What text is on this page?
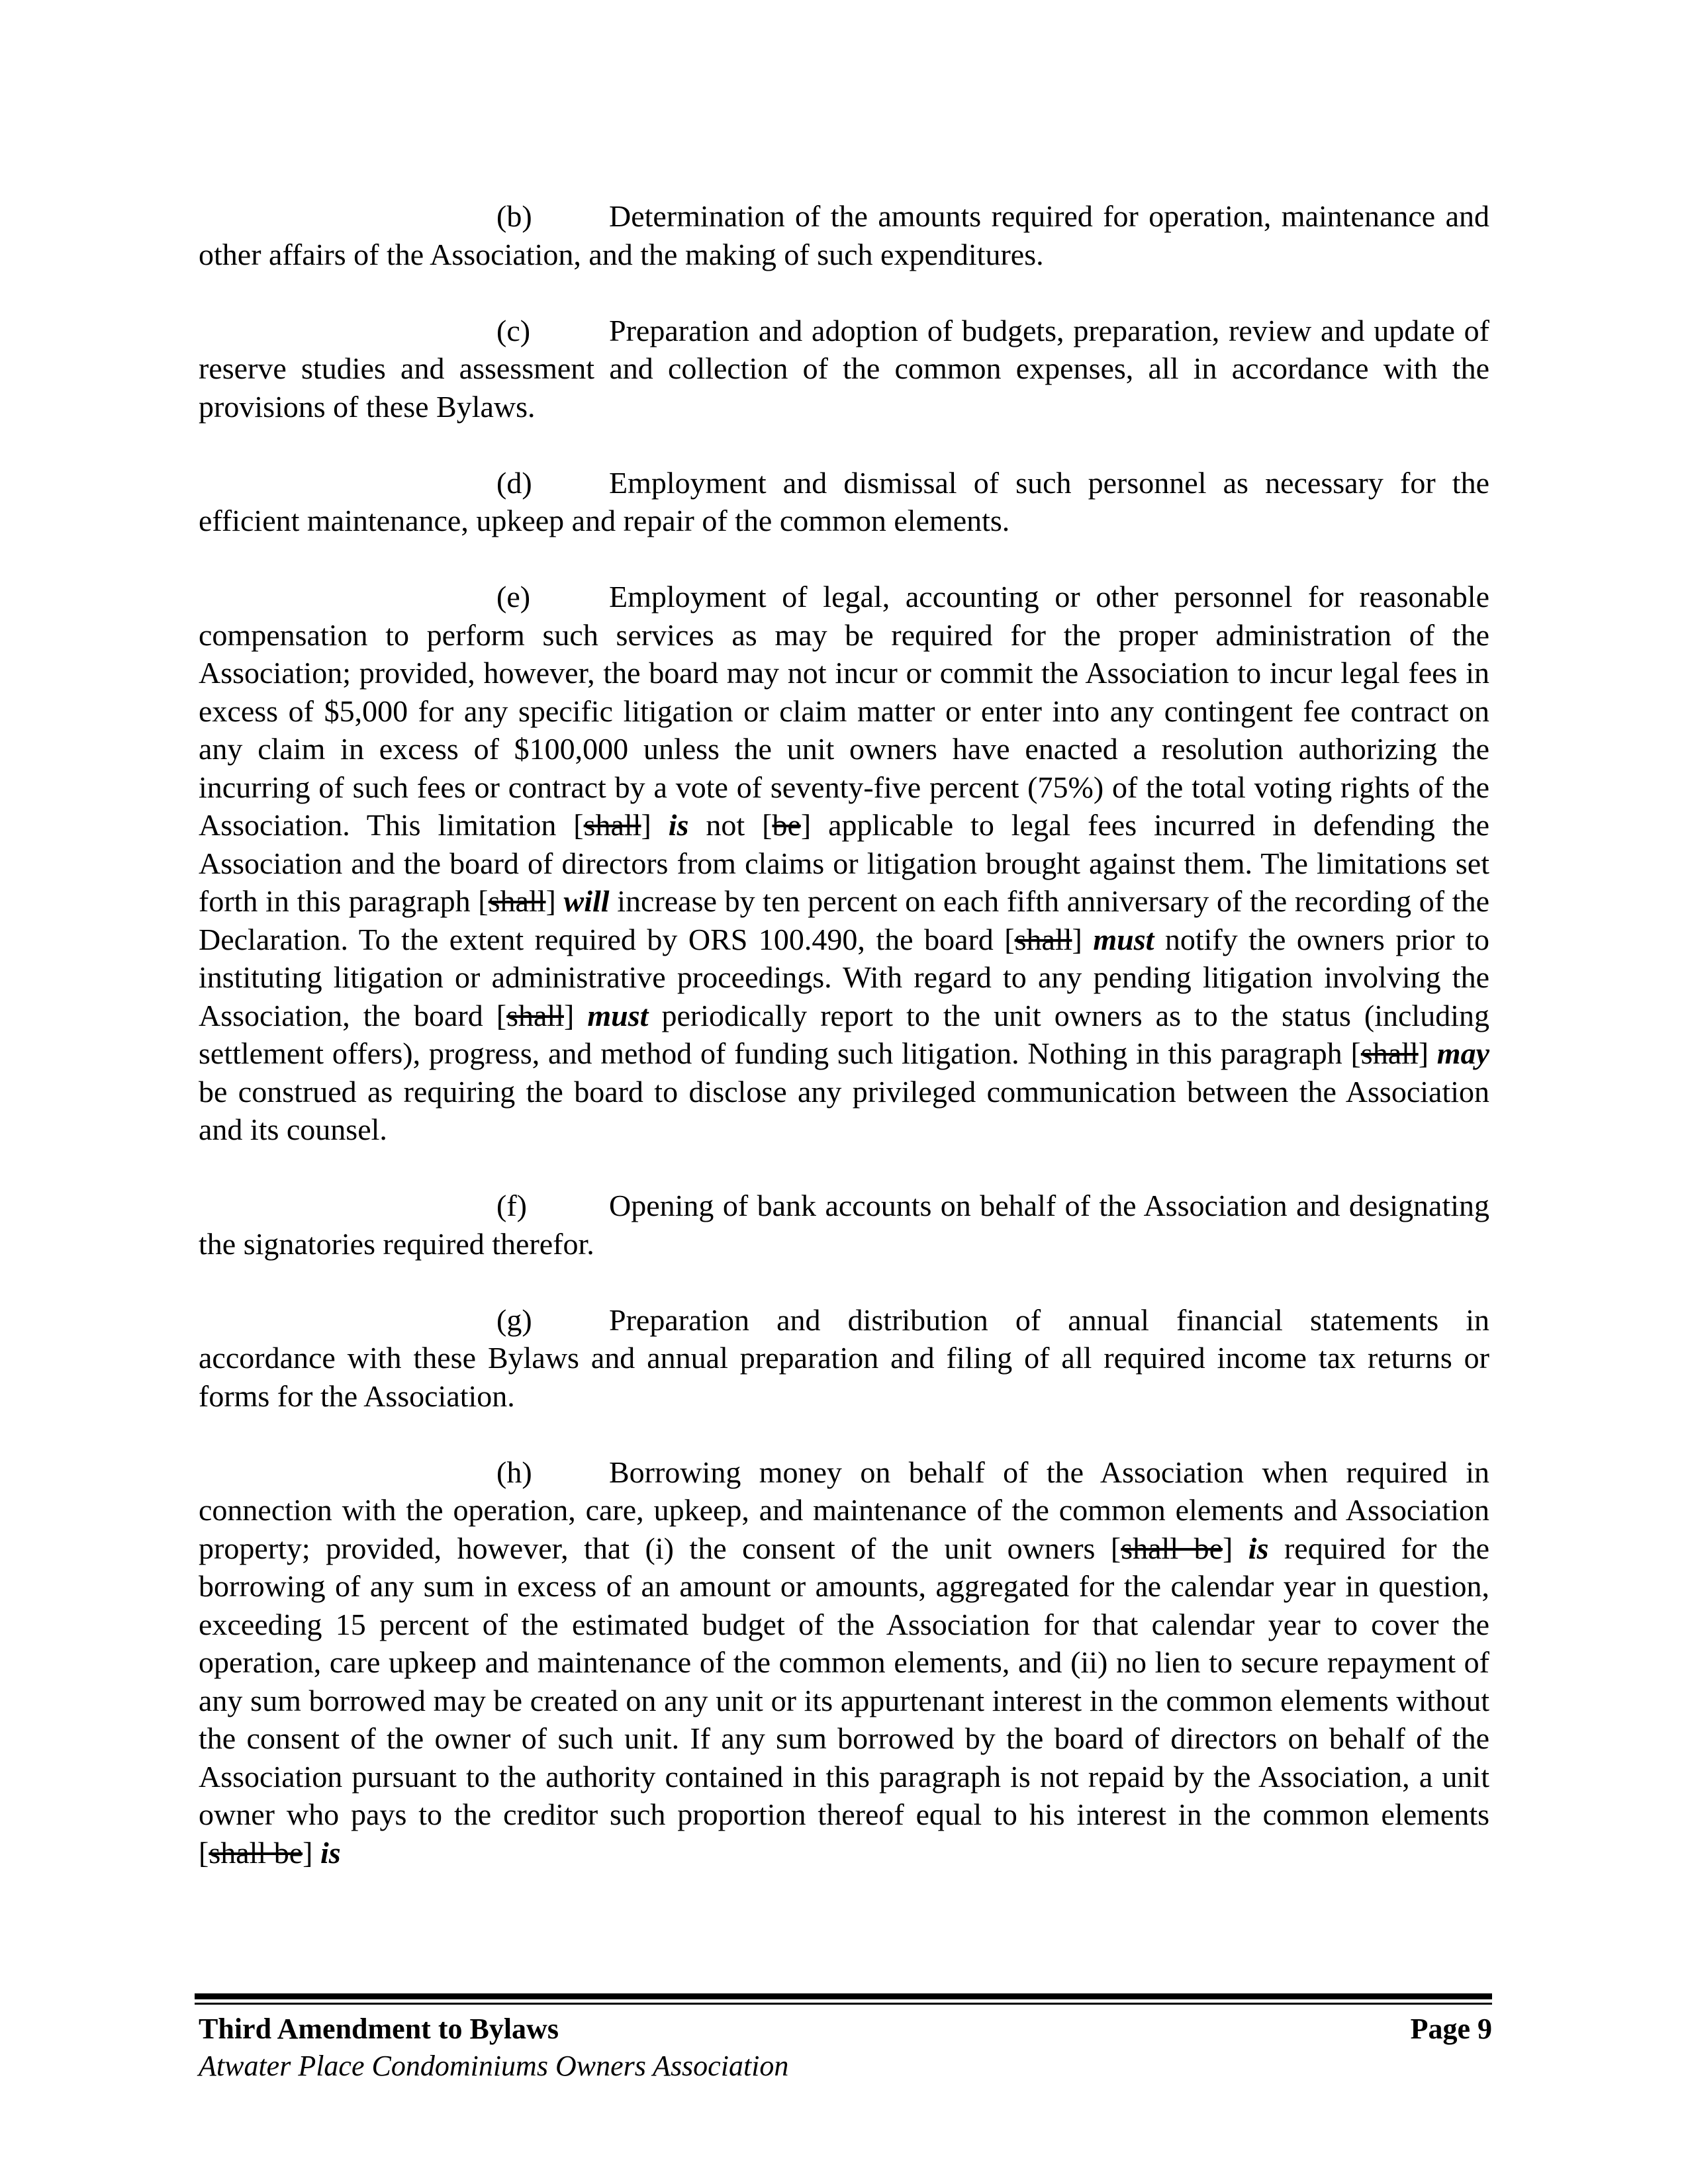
(b)	Determination of the amounts required for operation, maintenance and other affairs of the Association, and the making of such expenditures.

(c)	Preparation and adoption of budgets, preparation, review and update of reserve studies and assessment and collection of the common expenses, all in accordance with the provisions of these Bylaws.

(d)	Employment and dismissal of such personnel as necessary for the efficient maintenance, upkeep and repair of the common elements.

(e)	Employment of legal, accounting or other personnel for reasonable compensation to perform such services as may be required for the proper administration of the Association; provided, however, the board may not incur or commit the Association to incur legal fees in excess of $5,000 for any specific litigation or claim matter or enter into any contingent fee contract on any claim in excess of $100,000 unless the unit owners have enacted a resolution authorizing the incurring of such fees or contract by a vote of seventy-five percent (75%) of the total voting rights of the Association. This limitation [shall] is not [be] applicable to legal fees incurred in defending the Association and the board of directors from claims or litigation brought against them. The limitations set forth in this paragraph [shall] will increase by ten percent on each fifth anniversary of the recording of the Declaration. To the extent required by ORS 100.490, the board [shall] must notify the owners prior to instituting litigation or administrative proceedings. With regard to any pending litigation involving the Association, the board [shall] must periodically report to the unit owners as to the status (including settlement offers), progress, and method of funding such litigation. Nothing in this paragraph [shall] may be construed as requiring the board to disclose any privileged communication between the Association and its counsel.

(f)	Opening of bank accounts on behalf of the Association and designating the signatories required therefor.

(g)	Preparation and distribution of annual financial statements in accordance with these Bylaws and annual preparation and filing of all required income tax returns or forms for the Association.

(h)	Borrowing money on behalf of the Association when required in connection with the operation, care, upkeep, and maintenance of the common elements and Association property; provided, however, that (i) the consent of the unit owners [shall be] is required for the borrowing of any sum in excess of an amount or amounts, aggregated for the calendar year in question, exceeding 15 percent of the estimated budget of the Association for that calendar year to cover the operation, care upkeep and maintenance of the common elements, and (ii) no lien to secure repayment of any sum borrowed may be created on any unit or its appurtenant interest in the common elements without the consent of the owner of such unit. If any sum borrowed by the board of directors on behalf of the Association pursuant to the authority contained in this paragraph is not repaid by the Association, a unit owner who pays to the creditor such proportion thereof equal to his interest in the common elements [shall be] is

Third Amendment to Bylaws	Page 9
Atwater Place Condominiums Owners Association
